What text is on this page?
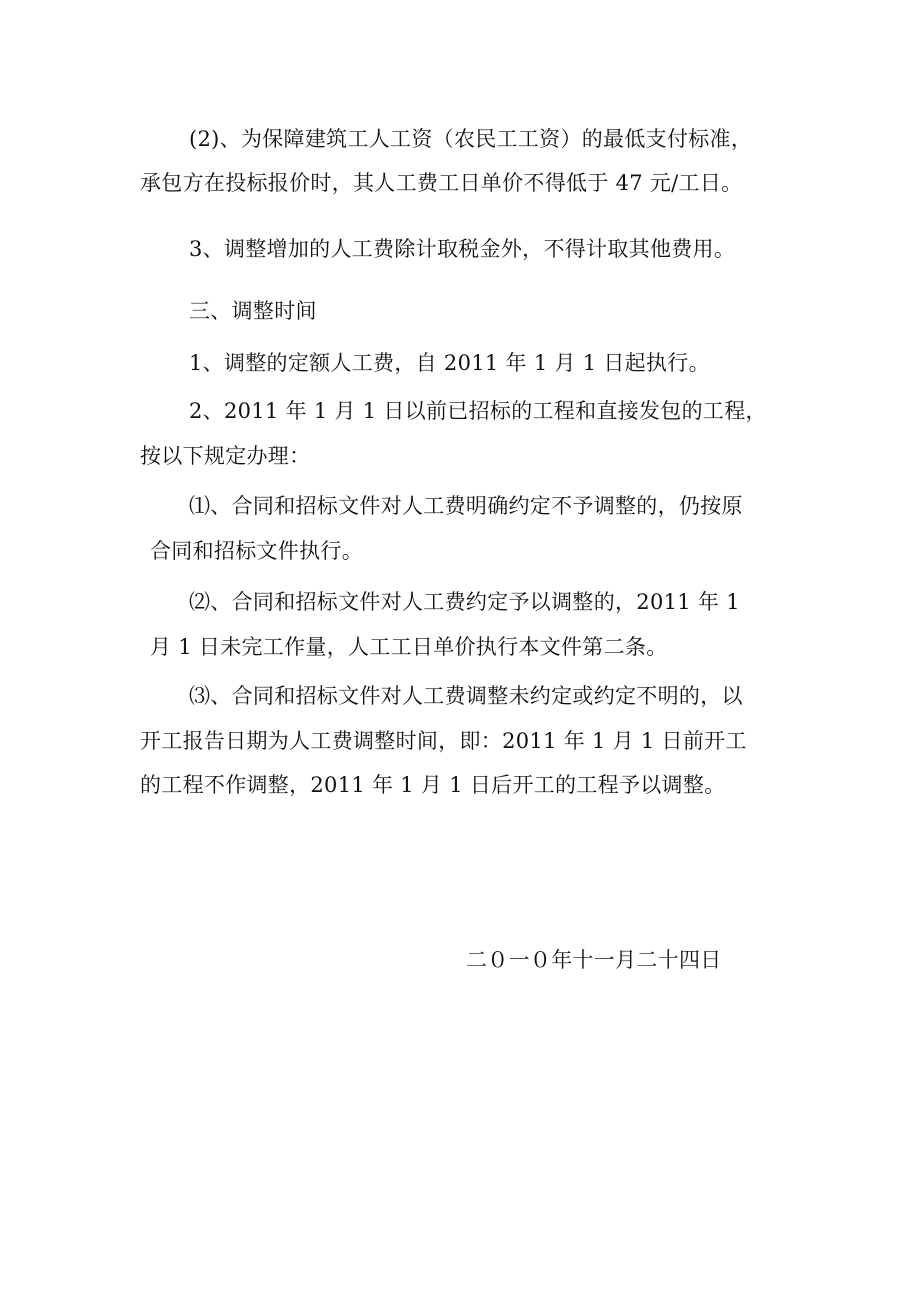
(2)、为保障建筑工人工资（农民工工资）的最低支付标准，
承包方在投标报价时，其人工费工日单价不得低于 47 元/工日。
3、调整增加的人工费除计取税金外，不得计取其他费用。
三、调整时间
1、调整的定额人工费，自 2011 年 1 月 1 日起执行。
2、2011 年 1 月 1 日以前已招标的工程和直接发包的工程，
按以下规定办理：
⑴、合同和招标文件对人工费明确约定不予调整的，仍按原
合同和招标文件执行。
⑵、合同和招标文件对人工费约定予以调整的，2011 年 1
月 1 日未完工作量，人工工日单价执行本文件第二条。
⑶、合同和招标文件对人工费调整未约定或约定不明的，以
开工报告日期为人工费调整时间，即：2011 年 1 月 1 日前开工
的工程不作调整，2011 年 1 月 1 日后开工的工程予以调整。
二０一０年十一月二十四日
